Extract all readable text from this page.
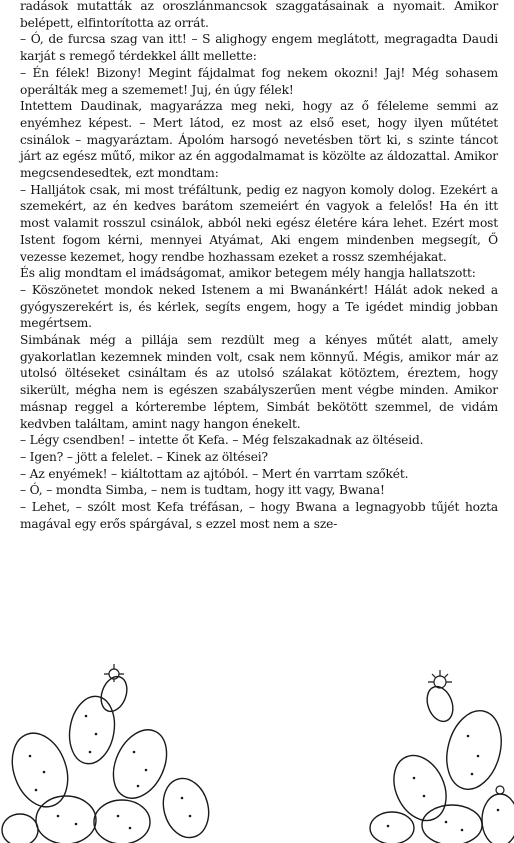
radások mutatták az oroszlánmancsok szaggatásainak a nyomait. Amikor belépett, elfintorította az orrát.

– Ó, de furcsa szag van itt! – S alighogy engem meglátott, megragadta Daudi karját s remegő térdekkel állt mellette:

– Én félek! Bizony! Megint fájdalmat fog nekem okozni! Jaj! Még sohasem operálták meg a szememet! Juj, én úgy félek!

Intettem Daudinak, magyarázza meg neki, hogy az ő féleleme semmi az enyémhez képest. – Mert látod, ez most az első eset, hogy ilyen műtétet csinálok – magyaráztam. Ápolóm harsogó nevetésben tört ki, s szinte táncot járt az egész műtő, mikor az én aggodalmamat is közölte az áldozattal. Amikor megcsendesedtek, ezt mondtam:

– Halljátok csak, mi most tréfáltunk, pedig ez nagyon komoly dolog. Ezekért a szemekért, az én kedves barátom szemeiért én vagyok a felelős! Ha én itt most valamit rosszul csinálok, abból neki egész életére kára lehet. Ezért most Istent fogom kérni, mennyei Atyámat, Aki engem mindenben megsegít, Ő vezesse kezemet, hogy rendbe hozhassam ezeket a rossz szemhéjakat.

És alig mondtam el imádságomat, amikor betegem mély hangja hallatszott:

– Köszönetet mondok neked Istenem a mi Bwanánkért! Hálát adok neked a gyógyszerekért is, és kérlek, segíts engem, hogy a Te igédet mindig jobban megértsem.

Simbának még a pillája sem rezdült meg a kényes műtét alatt, amely gyakorlatlan kezemnek minden volt, csak nem könnyű. Mégis, amikor már az utolsó öltéseket csináltam és az utolsó szálakat kötöztem, éreztem, hogy sikerült, mégha nem is egészen szabályszerűen ment végbe minden. Amikor másnap reggel a kórterembe léptem, Simbát bekötött szemmel, de vidám kedvben találtam, amint nagy hangon énekelt.

– Légy csendben! – intette őt Kefa. – Még felszakadnak az öltéseid.

– Igen? – jött a felelet. – Kinek az öltései?

– Az enyémek! – kiáltottam az ajtóból. – Mert én varrtam szőkét.

– Ó, – mondta Simba, – nem is tudtam, hogy itt vagy, Bwana!

– Lehet, – szólt most Kefa tréfásan, – hogy Bwana a legnagyobb tűjét hozta magával egy erős spárgával, s ezzel most nem a sze-
